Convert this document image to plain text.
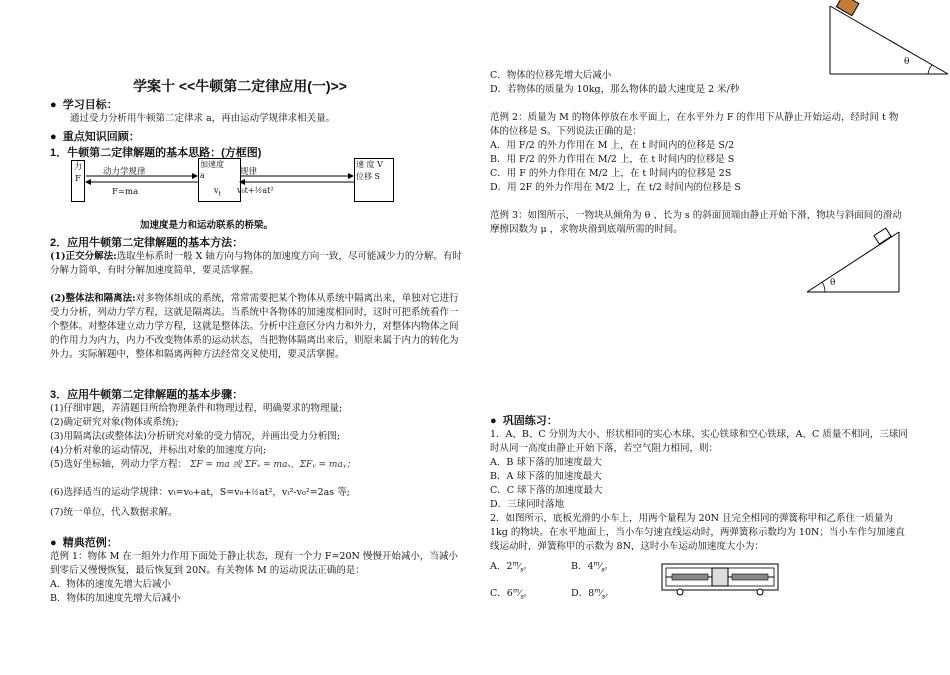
学案十 <<牛顿第二定律应用(一)>>
●  学习目标：
通过受力分析用牛顿第二定律求 a，再由运动学规律求相关量。
●  重点知识回顾：
1．牛顿第二定律解题的基本思路：(方框图)
力
F
加速度
a
速 度 V
位移 S
动力学规律
F=ma
规律
$v_t$ v₀t+½at²
加速度是力和运动联系的桥梁。
2．应用牛顿第二定律解题的基本方法：
(1)正交分解法:选取坐标系时一般 X 轴方向与物体的加速度方向一致，尽可能减少力的分解。有时分解力简单，有时分解加速度简单，要灵活掌握。
(2)整体法和隔离法:对多物体组成的系统，常常需要把某个物体从系统中隔离出来，单独对它进行受力分析，列动力学方程，这就是隔离法。当系统中各物体的加速度相同时，这时可把系统看作一个整体。对整体建立动力学方程，这就是整体法。分析中注意区分内力和外力，对整体内物体之间的作用力为内力，内力不改变物体系的运动状态，当把物体隔离出来后，则原来属于内力的转化为外力。实际解题中，整体和隔离两种方法经常交叉使用，要灵活掌握。
3．应用牛顿第二定律解题的基本步骤：
(1)仔细审题，弄清题目所给物理条件和物理过程，明确要求的物理量;
(2)确定研究对象(物体或系统);
(3)用隔离法(或整体法)分析研究对象的受力情况，并画出受力分析图;
(4)分析对象的运动情况，并标出对象的加速度方向;
(5)选好坐标轴，列动力学方程： ΣF = ma 或 ΣFₓ = maₓ，ΣFᵧ = maᵧ；
(6)选择适当的运动学规律：vₜ=v₀+at，S=v₀+½at²，vₜ²-v₀²=2as 等;
(7)统一单位，代入数据求解。
●  精典范例：
范例 1：物体 M 在一组外力作用下面处于静止状态，现有一个力 F=20N 慢慢开始减小，当减小到零后又慢慢恢复，最后恢复到 20N。有关物体 M 的运动说法正确的是：
A．物体的速度先增大后减小
B．物体的加速度先增大后减小
C．物体的位移先增大后减小
D．若物体的质量为 10kg，那么物体的最大速度是 2 米/秒
θ
范例 2：质量为 M 的物体停放在水平面上，在水平外力 F 的作用下从静止开始运动，经时间 t 物体的位移是 S。下列说法正确的是：
A．用 F/2 的外力作用在 M 上，在 t 时间内的位移是 S/2
B．用 F/2 的外力作用在 M/2 上，在 t 时间内的位移是 S
C．用 F 的外力作用在 M/2 上，在 t 时间内的位移是 2S
D．用 2F 的外力作用在 M/2 上，在 t/2 时间内的位移是 S
范例 3：如图所示，一物块从倾角为 θ 、长为 s 的斜面顶端由静止开始下滑，物块与斜面间的滑动摩擦因数为 μ ，求物块滑到底端所需的时间。
θ
●  巩固练习：
1．A、B、C 分别为大小、形状相同的实心木球、实心铁球和空心铁球，A、C 质量不相同，三球同时从同一高度由静止开始下落，若空气阻力相同，则：
A．B 球下落的加速度最大
B．A 球下落的加速度最大
C．C 球下落的加速度最大
D．三球同时落地
2．如图所示，底板光滑的小车上，用两个量程为 20N 且完全相同的弹簧称甲和乙系住一质量为 1kg 的物块。在水平地面上，当小车匀速直线运动时，两弹簧称示数均为 10N；当小车作匀加速直线运动时，弹簧称甲的示数为 8N，这时小车运动加速度大小为：
A．$2^m⁄_{s^2}$	B．$4^m⁄_{s^2}$
C．$6^m⁄_{s^2}$	D．$8^m⁄_{s^2}$
